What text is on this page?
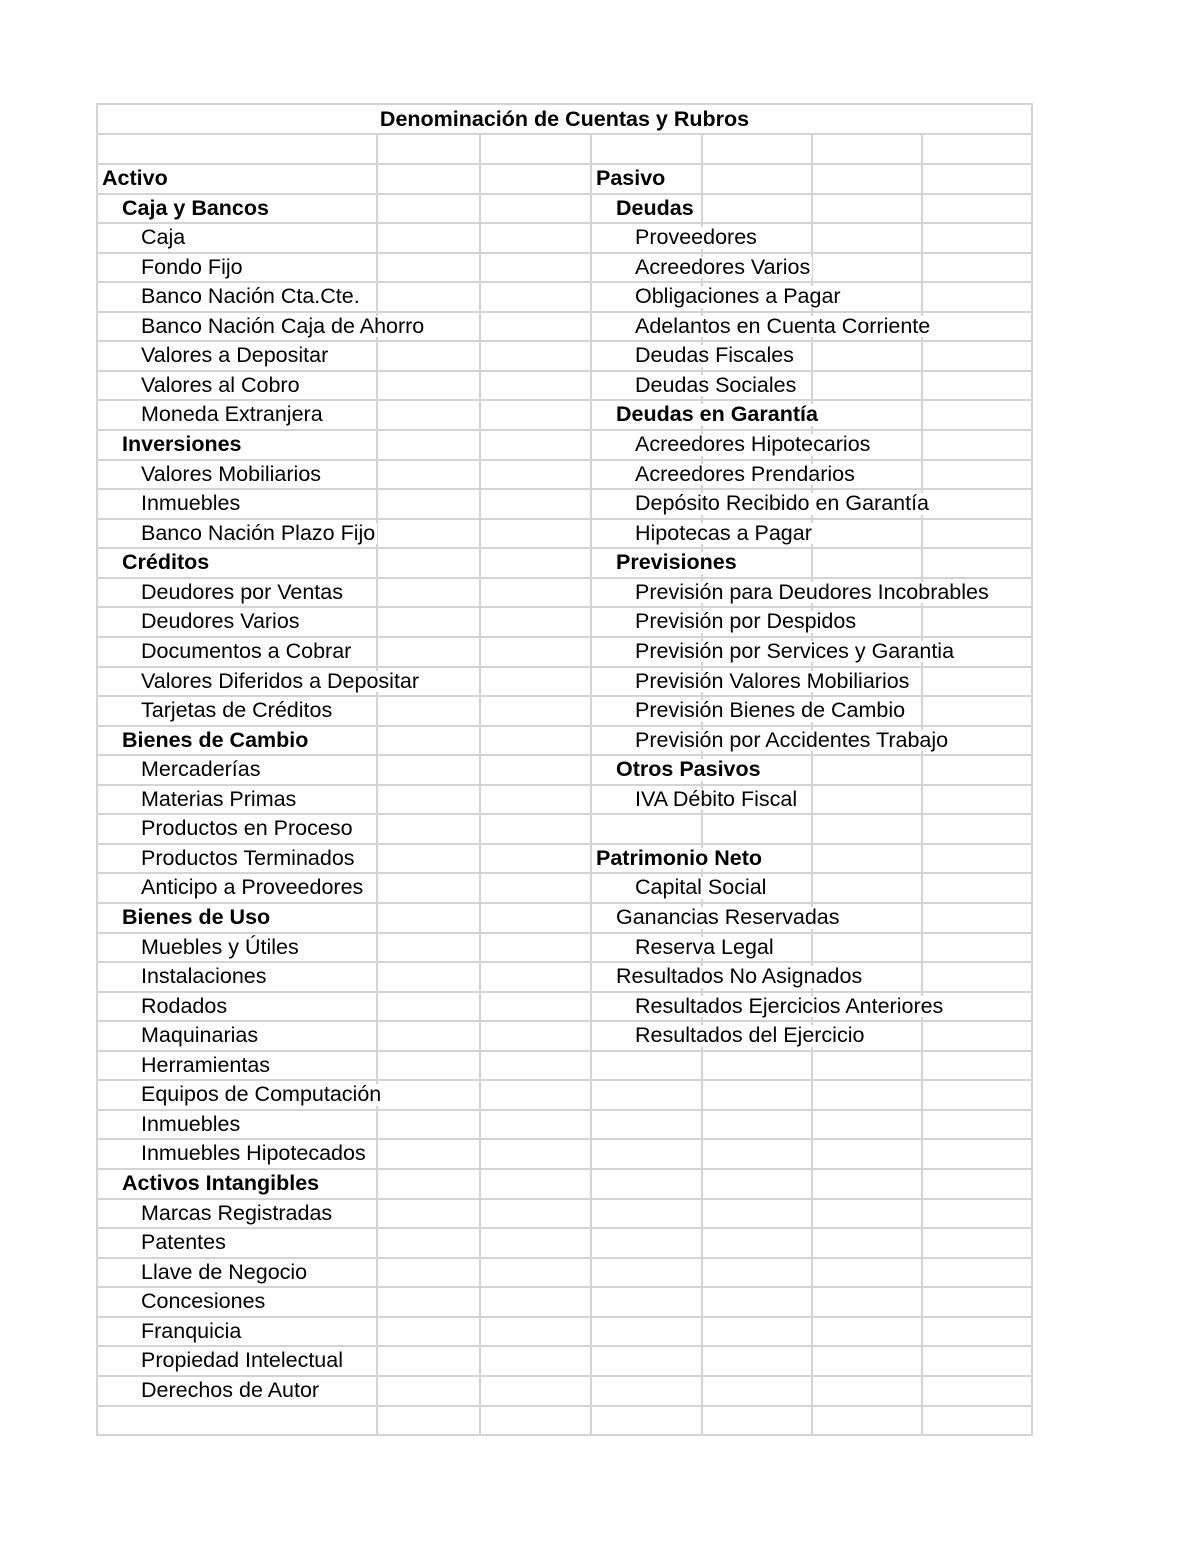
Denominación de Cuentas y Rubros
Activo
Caja y Bancos
Caja
Fondo Fijo
Banco Nación Cta.Cte.
Banco Nación Caja de Ahorro
Valores a Depositar
Valores al Cobro
Moneda Extranjera
Inversiones
Valores Mobiliarios
Inmuebles
Banco Nación Plazo Fijo
Créditos
Deudores por Ventas
Deudores Varios
Documentos a Cobrar
Valores Diferidos a Depositar
Tarjetas de Créditos
Bienes de Cambio
Mercaderías
Materias Primas
Productos en Proceso
Productos Terminados
Anticipo a Proveedores
Bienes de Uso
Muebles y Útiles
Instalaciones
Rodados
Maquinarias
Herramientas
Equipos de Computación
Inmuebles
Inmuebles Hipotecados
Activos Intangibles
Marcas Registradas
Patentes
Llave de Negocio
Concesiones
Franquicia
Propiedad Intelectual
Derechos de Autor
Pasivo
Deudas
Proveedores
Acreedores Varios
Obligaciones a Pagar
Adelantos en Cuenta Corriente
Deudas Fiscales
Deudas Sociales
Deudas en Garantía
Acreedores Hipotecarios
Acreedores Prendarios
Depósito Recibido en Garantía
Hipotecas a Pagar
Previsiones
Previsión para Deudores Incobrables
Previsión por Despidos
Previsión por Services y Garantia
Previsión Valores Mobiliarios
Previsión Bienes de Cambio
Previsión por Accidentes Trabajo
Otros Pasivos
IVA Débito Fiscal
Patrimonio Neto
Capital Social
Ganancias Reservadas
Reserva Legal
Resultados No Asignados
Resultados Ejercicios Anteriores
Resultados del Ejercicio
